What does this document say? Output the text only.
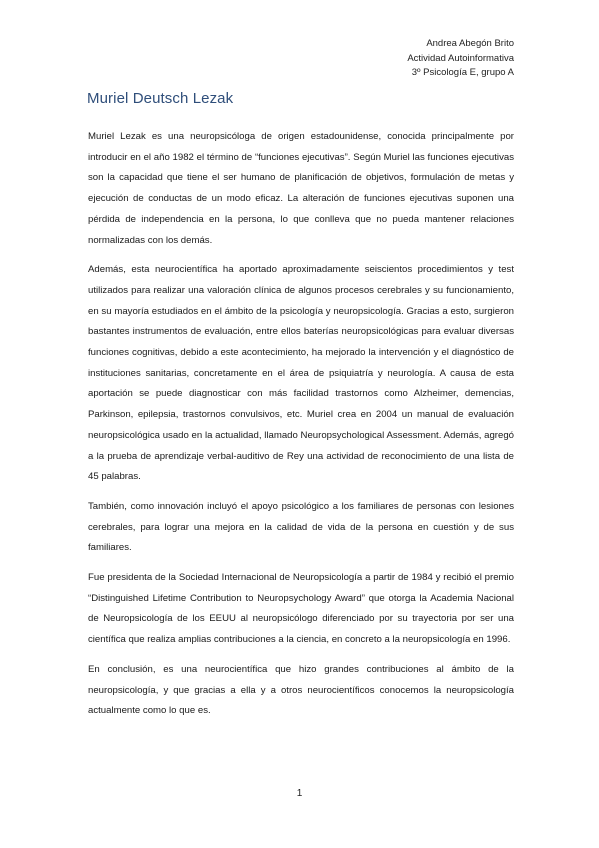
Andrea Abegón Brito
Actividad Autoinformativa
3º Psicología E, grupo A
Muriel Deutsch Lezak

Muriel Lezak es una neuropsicóloga de origen estadounidense, conocida principalmente por introducir en el año 1982 el término de “funciones ejecutivas”. Según Muriel las funciones ejecutivas son la capacidad que tiene el ser humano de planificación de objetivos, formulación de metas y ejecución de conductas de un modo eficaz. La alteración de funciones ejecutivas suponen una pérdida de independencia en la persona, lo que conlleva que no pueda mantener relaciones normalizadas con los demás.

Además, esta neurocientífica ha aportado aproximadamente seiscientos procedimientos y test utilizados para realizar una valoración clínica de algunos procesos cerebrales y su funcionamiento, en su mayoría estudiados en el ámbito de la psicología y neuropsicología. Gracias a esto, surgieron bastantes instrumentos de evaluación, entre ellos baterías neuropsicológicas para evaluar diversas funciones cognitivas, debido a este acontecimiento, ha mejorado la intervención y el diagnóstico de instituciones sanitarias, concretamente en el área de psiquiatría y neurología. A causa de esta aportación se puede diagnosticar con más facilidad trastornos como Alzheimer, demencias, Parkinson, epilepsia, trastornos convulsivos, etc. Muriel crea en 2004 un manual de evaluación neuropsicológica usado en la actualidad, llamado Neuropsychological Assessment. Además, agregó a la prueba de aprendizaje verbal-auditivo de Rey una actividad de reconocimiento de una lista de 45 palabras.

También, como innovación incluyó el apoyo psicológico a los familiares de personas con lesiones cerebrales, para lograr una mejora en la calidad de vida de la persona en cuestión y de sus familiares.

Fue presidenta de la Sociedad Internacional de Neuropsicología a partir de 1984 y recibió el premio “Distinguished Lifetime Contribution to Neuropsychology Award” que otorga la Academia Nacional de Neuropsicología de los EEUU al neuropsicólogo diferenciado por su trayectoria por ser una científica que realiza amplias contribuciones a la ciencia, en concreto a la neuropsicología en 1996.

En conclusión, es una neurocientífica que hizo grandes contribuciones al ámbito de la neuropsicología, y que gracias a ella y a otros neurocientíficos conocemos la neuropsicología actualmente como lo que es.

1
